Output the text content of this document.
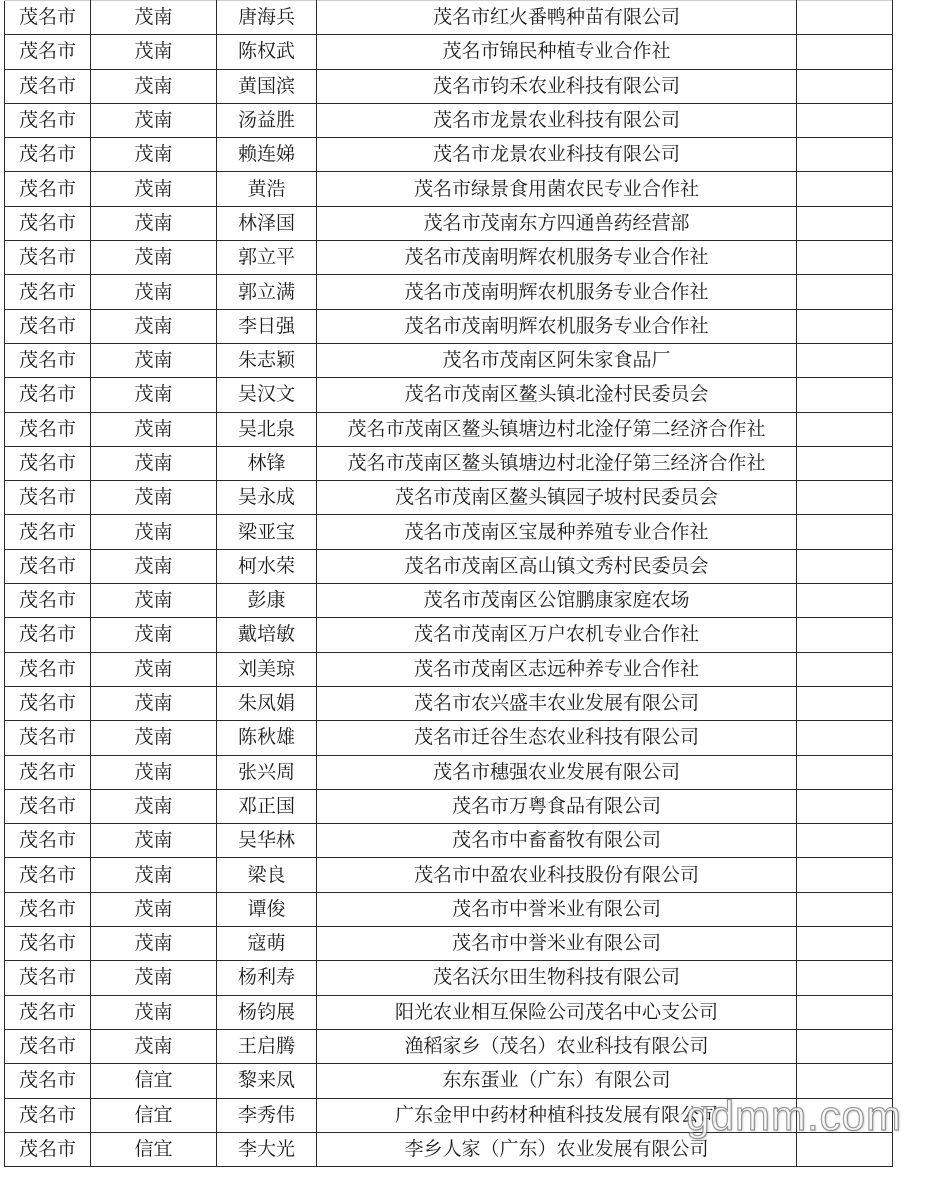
茂名市	茂南	唐海兵	茂名市红火番鸭种苗有限公司	
茂名市	茂南	陈权武	茂名市锦民种植专业合作社	
茂名市	茂南	黄国滨	茂名市钧禾农业科技有限公司	
茂名市	茂南	汤益胜	茂名市龙景农业科技有限公司	
茂名市	茂南	赖连娣	茂名市龙景农业科技有限公司	
茂名市	茂南	黄浩	茂名市绿景食用菌农民专业合作社	
茂名市	茂南	林泽国	茂名市茂南东方四通兽药经营部	
茂名市	茂南	郭立平	茂名市茂南明辉农机服务专业合作社	
茂名市	茂南	郭立满	茂名市茂南明辉农机服务专业合作社	
茂名市	茂南	李日强	茂名市茂南明辉农机服务专业合作社	
茂名市	茂南	朱志颖	茂名市茂南区阿朱家食品厂	
茂名市	茂南	吴汉文	茂名市茂南区鳌头镇北淦村民委员会	
茂名市	茂南	吴北泉	茂名市茂南区鳌头镇塘边村北淦仔第二经济合作社	
茂名市	茂南	林锋	茂名市茂南区鳌头镇塘边村北淦仔第三经济合作社	
茂名市	茂南	吴永成	茂名市茂南区鳌头镇园子坡村民委员会	
茂名市	茂南	梁亚宝	茂名市茂南区宝晟种养殖专业合作社	
茂名市	茂南	柯水荣	茂名市茂南区高山镇文秀村民委员会	
茂名市	茂南	彭康	茂名市茂南区公馆鹏康家庭农场	
茂名市	茂南	戴培敏	茂名市茂南区万户农机专业合作社	
茂名市	茂南	刘美琼	茂名市茂南区志远种养专业合作社	
茂名市	茂南	朱凤娟	茂名市农兴盛丰农业发展有限公司	
茂名市	茂南	陈秋雄	茂名市迁谷生态农业科技有限公司	
茂名市	茂南	张兴周	茂名市穗强农业发展有限公司	
茂名市	茂南	邓正国	茂名市万粤食品有限公司	
茂名市	茂南	吴华林	茂名市中畜畜牧有限公司	
茂名市	茂南	梁良	茂名市中盈农业科技股份有限公司	
茂名市	茂南	谭俊	茂名市中誉米业有限公司	
茂名市	茂南	寇萌	茂名市中誉米业有限公司	
茂名市	茂南	杨利寿	茂名沃尔田生物科技有限公司	
茂名市	茂南	杨钧展	阳光农业相互保险公司茂名中心支公司	
茂名市	茂南	王启腾	渔稻家乡（茂名）农业科技有限公司	
茂名市	信宜	黎来凤	东东蛋业（广东）有限公司	
茂名市	信宜	李秀伟	广东金甲中药材种植科技发展有限公司	
茂名市	信宜	李大光	李乡人家（广东）农业发展有限公司	
gdmm.com
